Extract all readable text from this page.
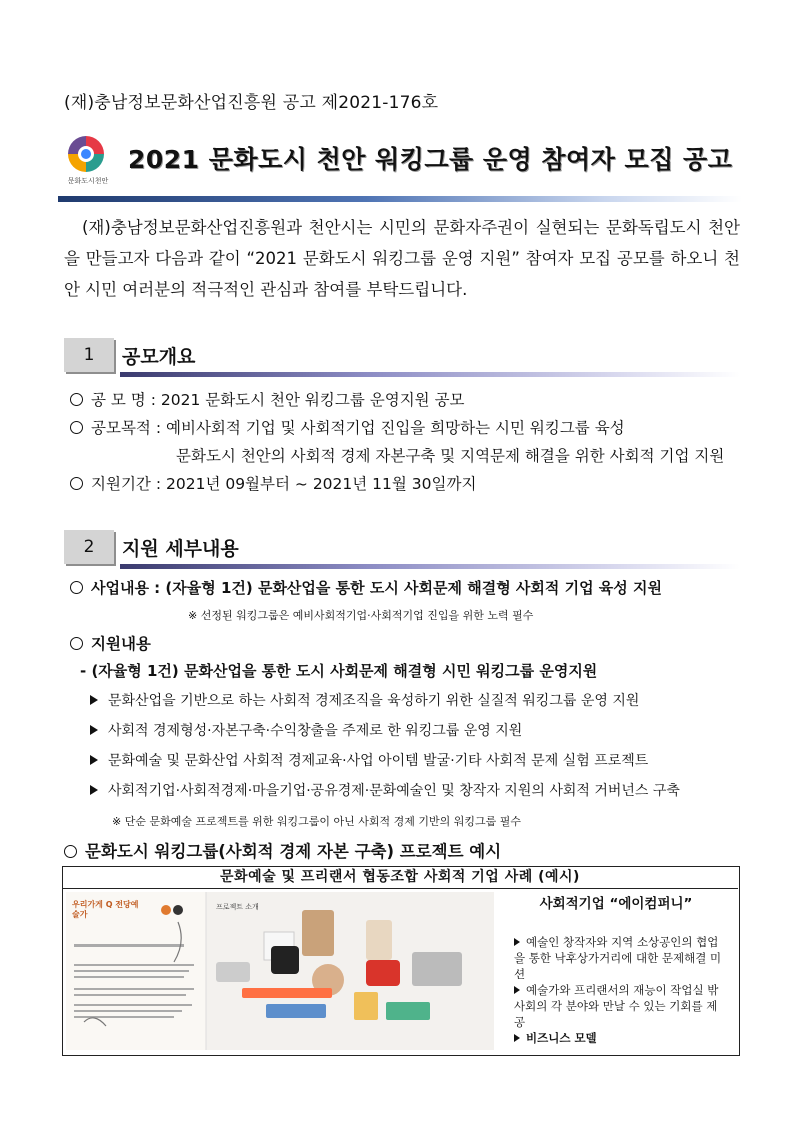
(재)충남정보문화산업진흥원 공고 제2021-176호
문화도시천안
2021 문화도시 천안 워킹그룹 운영 참여자 모집 공고
(재)충남정보문화산업진흥원과 천안시는 시민의 문화자주권이 실현되는 문화독립도시 천안을 만들고자 다음과 같이 “2021 문화도시 워킹그룹 운영 지원” 참여자 모집 공모를 하오니 천안 시민 여러분의 적극적인 관심과 참여를 부탁드립니다.
1	공모개요
공 모 명 : 2021 문화도시 천안 워킹그룹 운영지원 공모
공모목적 : 예비사회적 기업 및 사회적기업 진입을 희망하는 시민 워킹그룹 육성
문화도시 천안의 사회적 경제 자본구축 및 지역문제 해결을 위한 사회적 기업 지원
지원기간 : 2021년 09월부터 ~ 2021년 11월 30일까지
2	지원 세부내용
사업내용 : (자율형 1건) 문화산업을 통한 도시 사회문제 해결형 사회적 기업 육성 지원
※ 선정된 워킹그룹은 예비사회적기업·사회적기업 진입을 위한 노력 필수
지원내용
- (자율형 1건) 문화산업을 통한 도시 사회문제 해결형 시민 워킹그룹 운영지원
문화산업을 기반으로 하는 사회적 경제조직을 육성하기 위한 실질적 워킹그룹 운영 지원
사회적 경제형성·자본구축·수익창출을 주제로 한 워킹그룹 운영 지원
문화예술 및 문화산업 사회적 경제교육·사업 아이템 발굴·기타 사회적 문제 실험 프로젝트
사회적기업·사회적경제·마을기업·공유경제·문화예술인 및 창작자 지원의 사회적 거버넌스 구축
※ 단순 문화예술 프로젝트를 위한 워킹그룹이 아닌 사회적 경제 기반의 워킹그룹 필수
문화도시 워킹그룹(사회적 경제 자본 구축) 프로젝트 예시
문화예술 및 프리랜서 협동조합 사회적 기업 사례 (예시)
우리가게 Q 전당예술가
프로젝트 소개	사회적기업 “에이컴퍼니”
예술인 창작자와 지역 소상공인의 협업을 통한 낙후상가거리에 대한 문제해결 미션
예술가와 프리랜서의 재능이 작업실 밖 사회의 각 분야와 만날 수 있는 기회를 제공
비즈니스 모델
